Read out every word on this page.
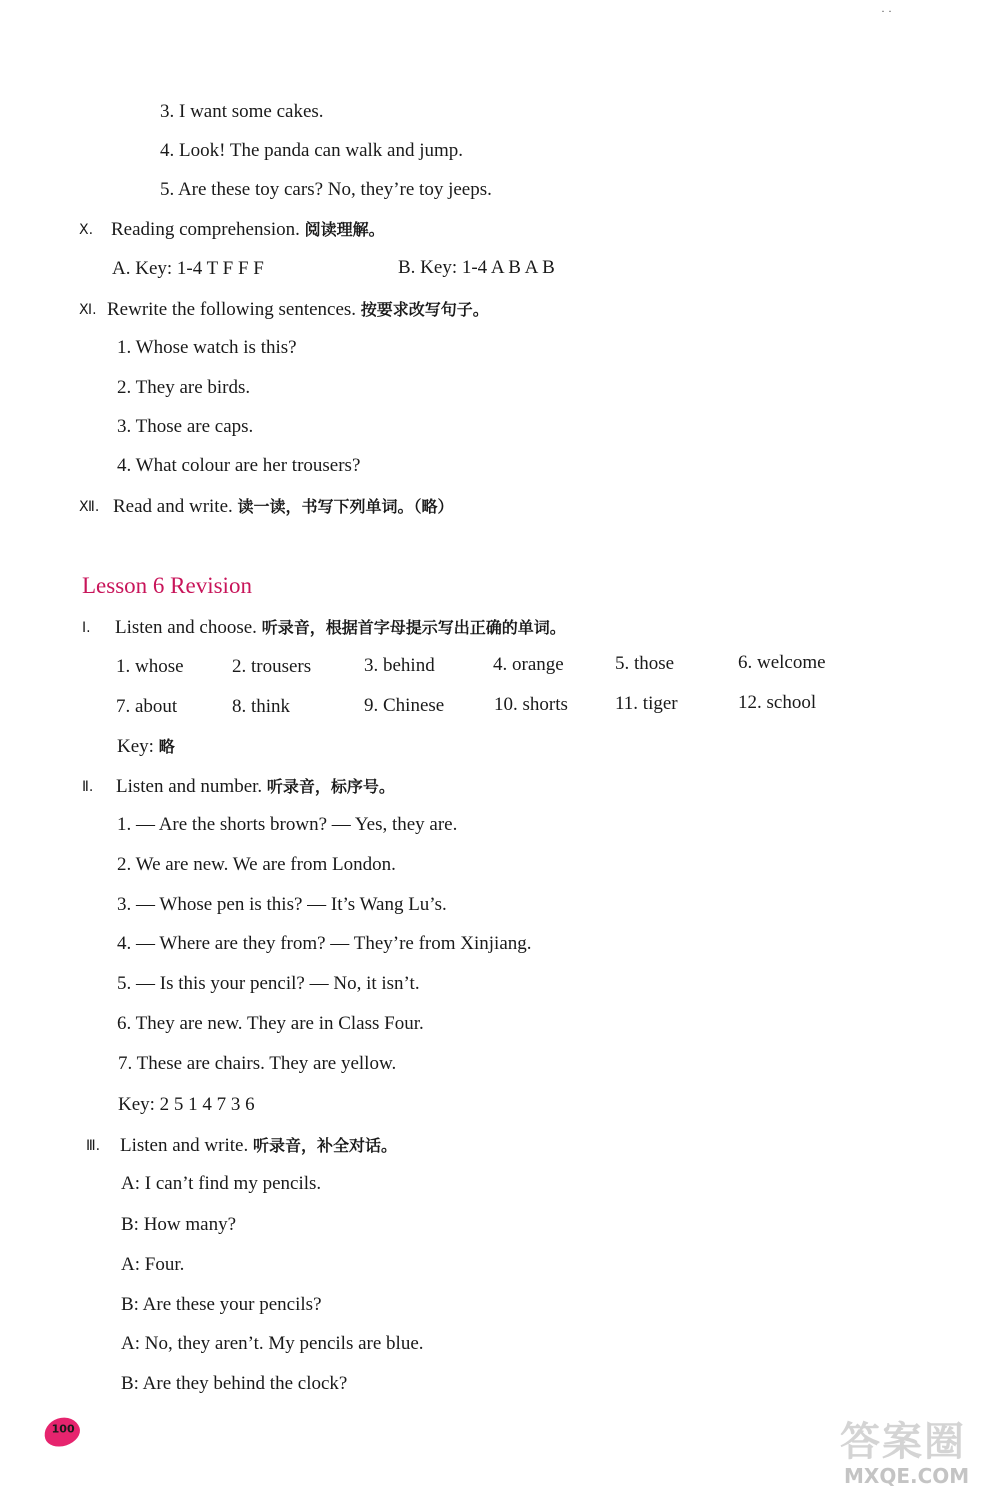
· ·
3. I want some cakes.
4. Look! The panda can walk and jump.
5. Are these toy cars? No, they’re toy jeeps.
Ⅹ. Reading comprehension. 阅读理解。
A. Key: 1-4 T F F F	B. Key: 1-4 A B A B
Ⅺ. Rewrite the following sentences. 按要求改写句子。
1. Whose watch is this?
2. They are birds.
3. Those are caps.
4. What colour are her trousers?
Ⅻ. Read and write. 读一读，书写下列单词。（略）
Lesson 6 Revision
Ⅰ. Listen and choose. 听录音，根据首字母提示写出正确的单词。
1. whose	2. trousers	3. behind	4. orange	5. those	6. welcome
7. about	8. think	9. Chinese	10. shorts 11. tiger	12. school
Key: 略
Ⅱ. Listen and number. 听录音，标序号。
1. — Are the shorts brown? — Yes, they are.
2. We are new. We are from London.
3. — Whose pen is this? — It’s Wang Lu’s.
4. — Where are they from? — They’re from Xinjiang.
5. — Is this your pencil? — No, it isn’t.
6. They are new. They are in Class Four.
7. These are chairs. They are yellow.
Key: 2 5 1 4 7 3 6
Ⅲ. Listen and write. 听录音，补全对话。
A: I can’t find my pencils.
B: How many?
A: Four.
B: Are these your pencils?
A: No, they aren’t. My pencils are blue.
B: Are they behind the clock?
100	答案圈
MXQE.COM
